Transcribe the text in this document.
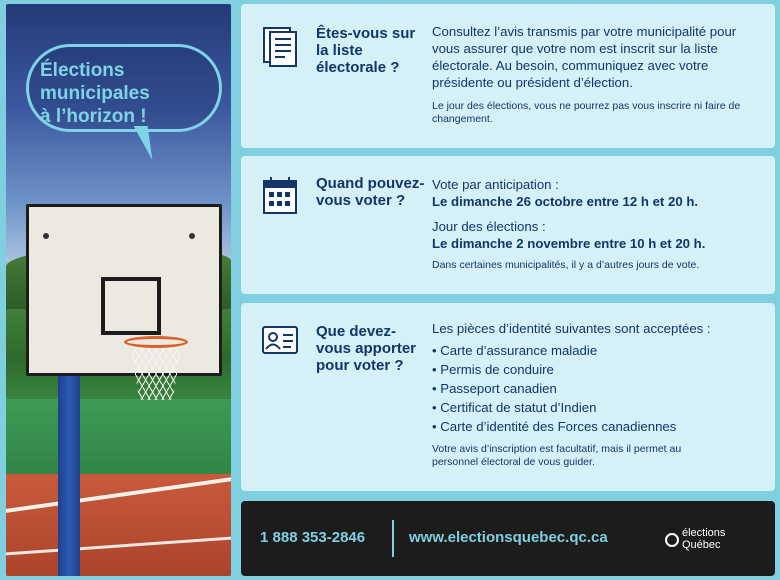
Élections
municipales
à l’horizon !
Êtes-vous sur la liste électorale ?
Consultez l’avis transmis par votre municipalité pour vous assurer que votre nom est inscrit sur la liste électorale. Au besoin, communiquez avec votre présidente ou président d’élection.
Le jour des élections, vous ne pourrez pas vous inscrire ni faire de changement.
Quand pouvez-vous voter ?
Vote par anticipation :
Le dimanche 26 octobre entre 12 h et 20 h.
Jour des élections :
Le dimanche 2 novembre entre 10 h et 20 h.
Dans certaines municipalités, il y a d’autres jours de vote.
Que devez-vous apporter pour voter ?
Les pièces d’identité suivantes sont acceptées :
• Carte d’assurance maladie
• Permis de conduire
• Passeport canadien
• Certificat de statut d’Indien
• Carte d’identité des Forces canadiennes
Votre avis d’inscription est facultatif, mais il permet au personnel électoral de vous guider.
1 888 353-2846	www.electionsquebec.qc.ca	élections
Québec
